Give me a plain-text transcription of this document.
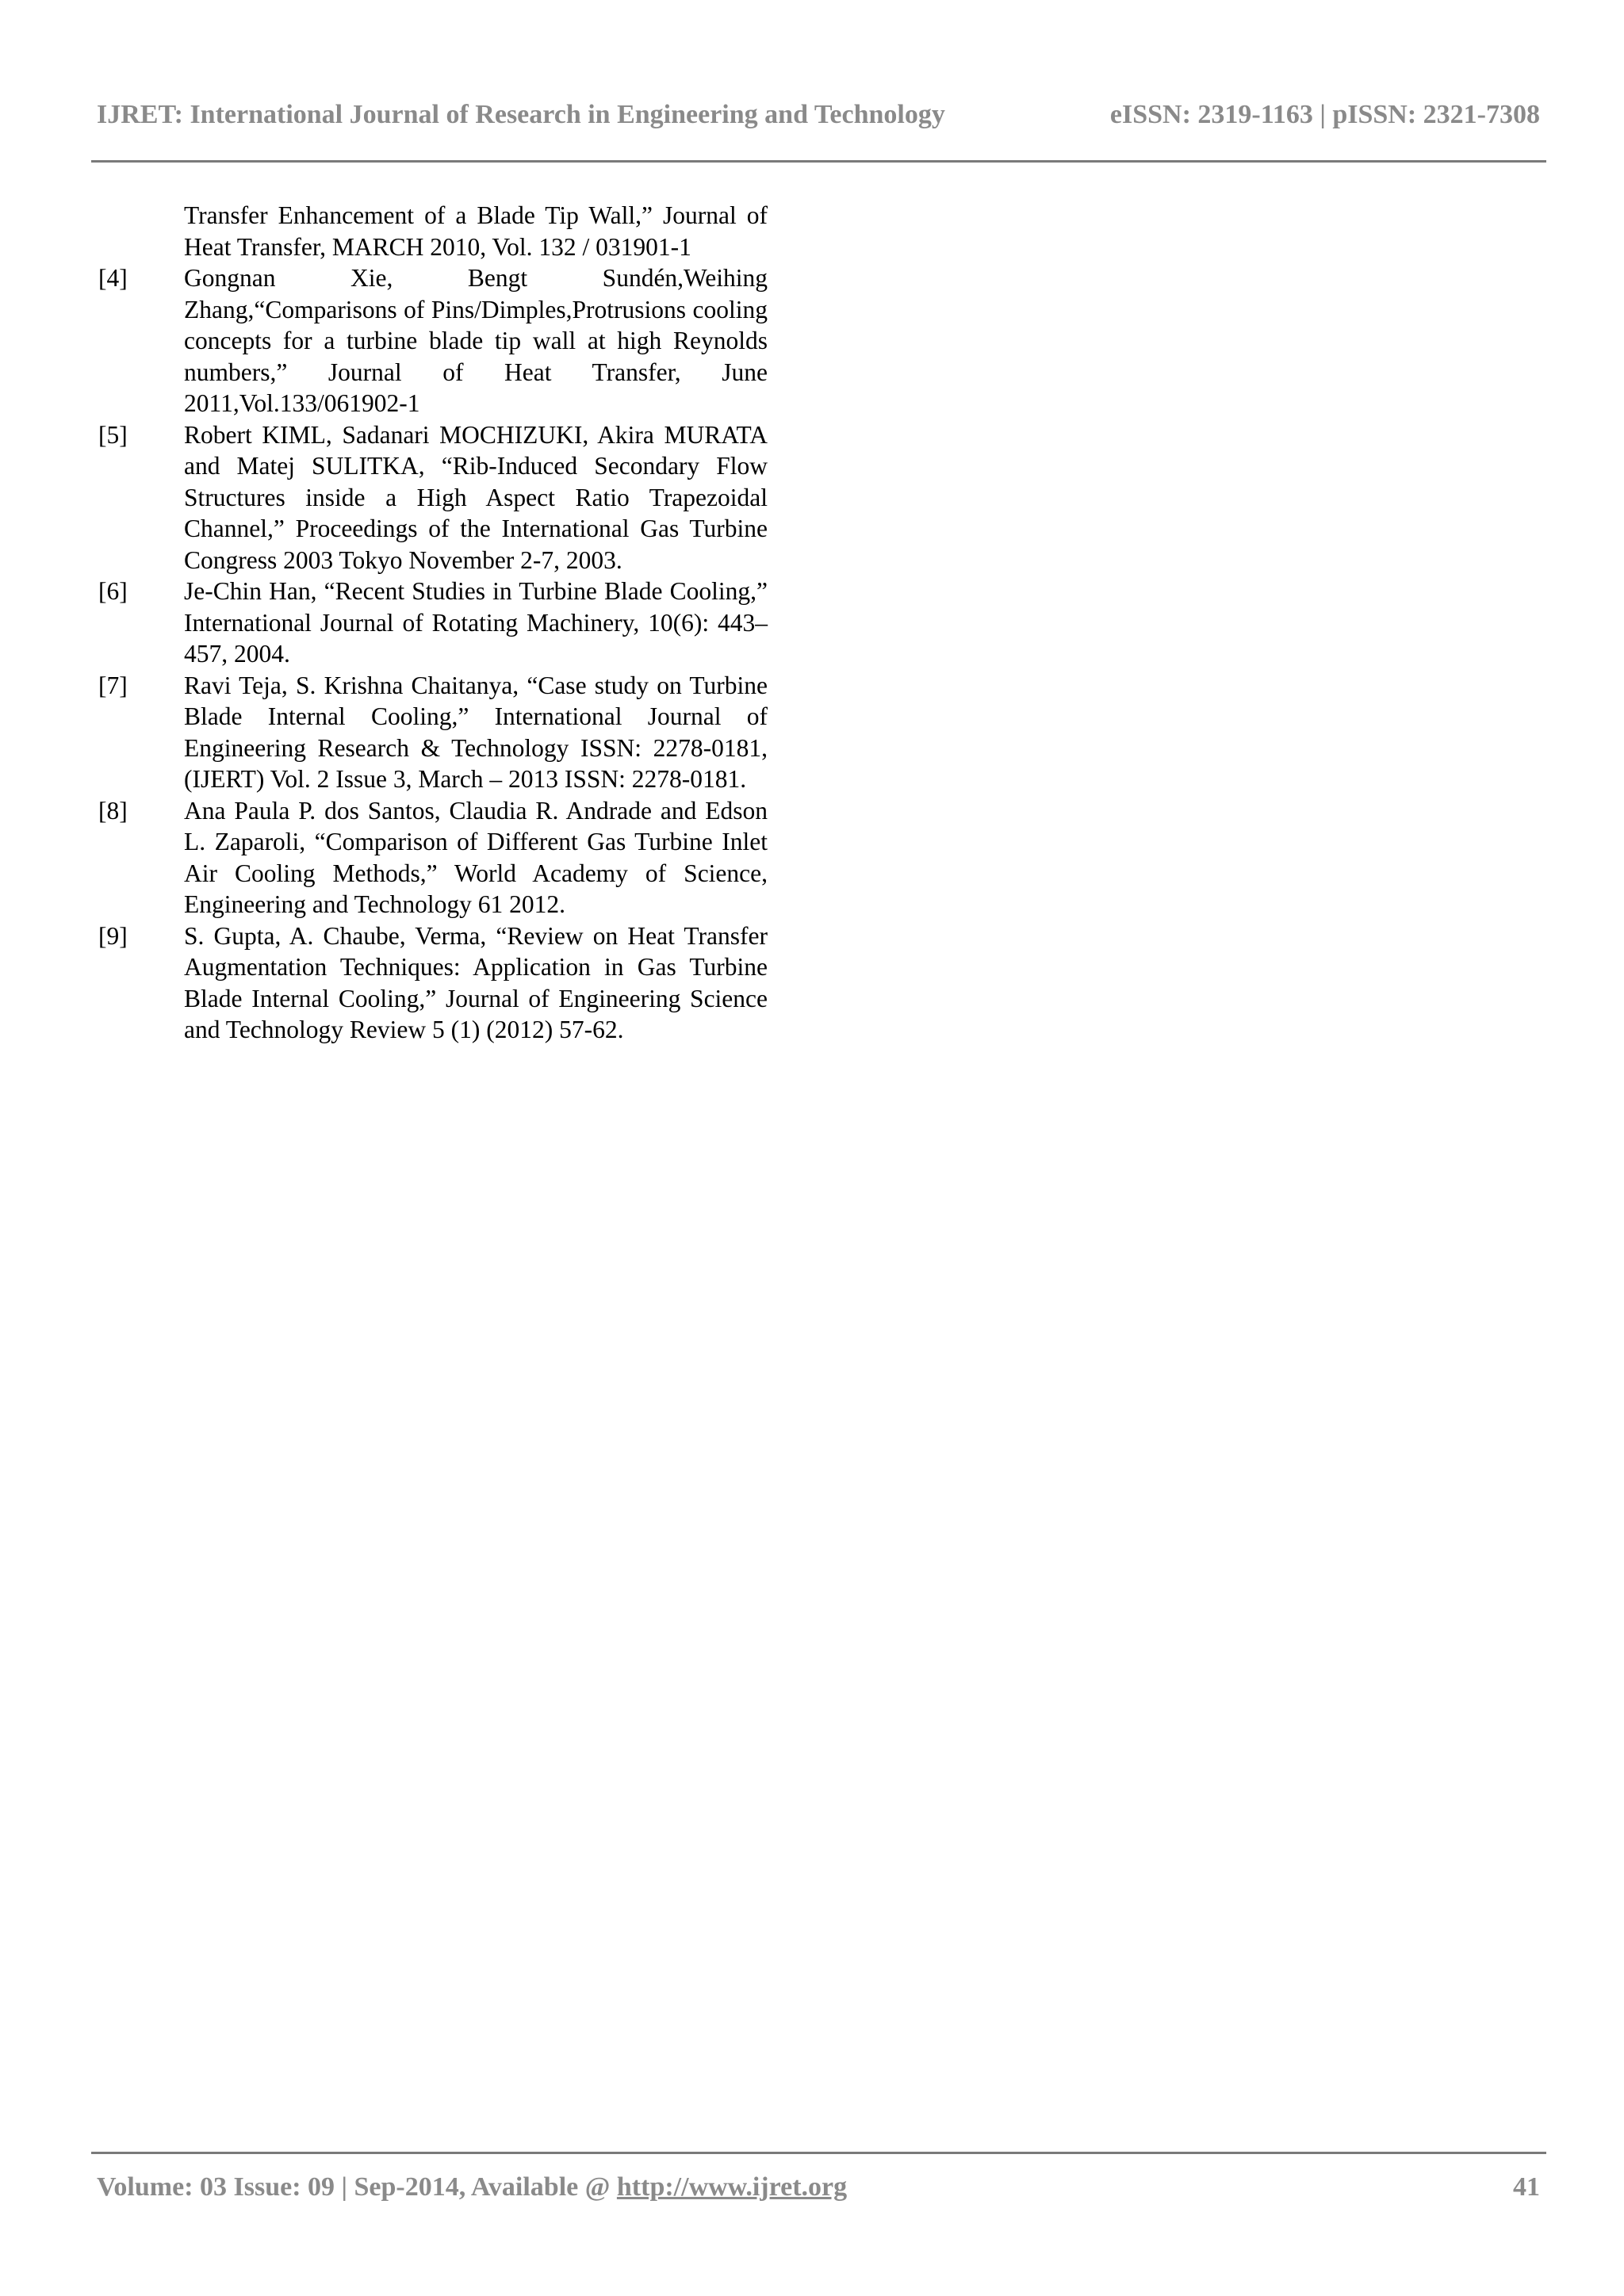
IJRET: International Journal of Research in Engineering and Technology	eISSN: 2319-1163 | pISSN: 2321-7308
Transfer Enhancement of a Blade Tip Wall,” Journal of Heat Transfer, MARCH 2010, Vol. 132 / 031901-1
[4] Gongnan Xie, Bengt Sundén,Weihing Zhang,“Comparisons of Pins/Dimples,Protrusions cooling concepts for a turbine blade tip wall at high Reynolds numbers,” Journal of Heat Transfer, June 2011,Vol.133/061902-1
[5] Robert KIML, Sadanari MOCHIZUKI, Akira MURATA and Matej SULITKA, “Rib-Induced Secondary Flow Structures inside a High Aspect Ratio Trapezoidal Channel,” Proceedings of the International Gas Turbine Congress 2003 Tokyo November 2-7, 2003.
[6] Je-Chin Han, “Recent Studies in Turbine Blade Cooling,” International Journal of Rotating Machinery, 10(6): 443–457, 2004.
[7] Ravi Teja, S. Krishna Chaitanya, “Case study on Turbine Blade Internal Cooling,” International Journal of Engineering Research & Technology ISSN: 2278-0181, (IJERT) Vol. 2 Issue 3, March – 2013 ISSN: 2278-0181.
[8] Ana Paula P. dos Santos, Claudia R. Andrade and Edson L. Zaparoli, “Comparison of Different Gas Turbine Inlet Air Cooling Methods,” World Academy of Science, Engineering and Technology 61 2012.
[9] S. Gupta, A. Chaube, Verma, “Review on Heat Transfer Augmentation Techniques: Application in Gas Turbine Blade Internal Cooling,” Journal of Engineering Science and Technology Review 5 (1) (2012) 57-62.
Volume: 03 Issue: 09 | Sep-2014, Available @ http://www.ijret.org	41
